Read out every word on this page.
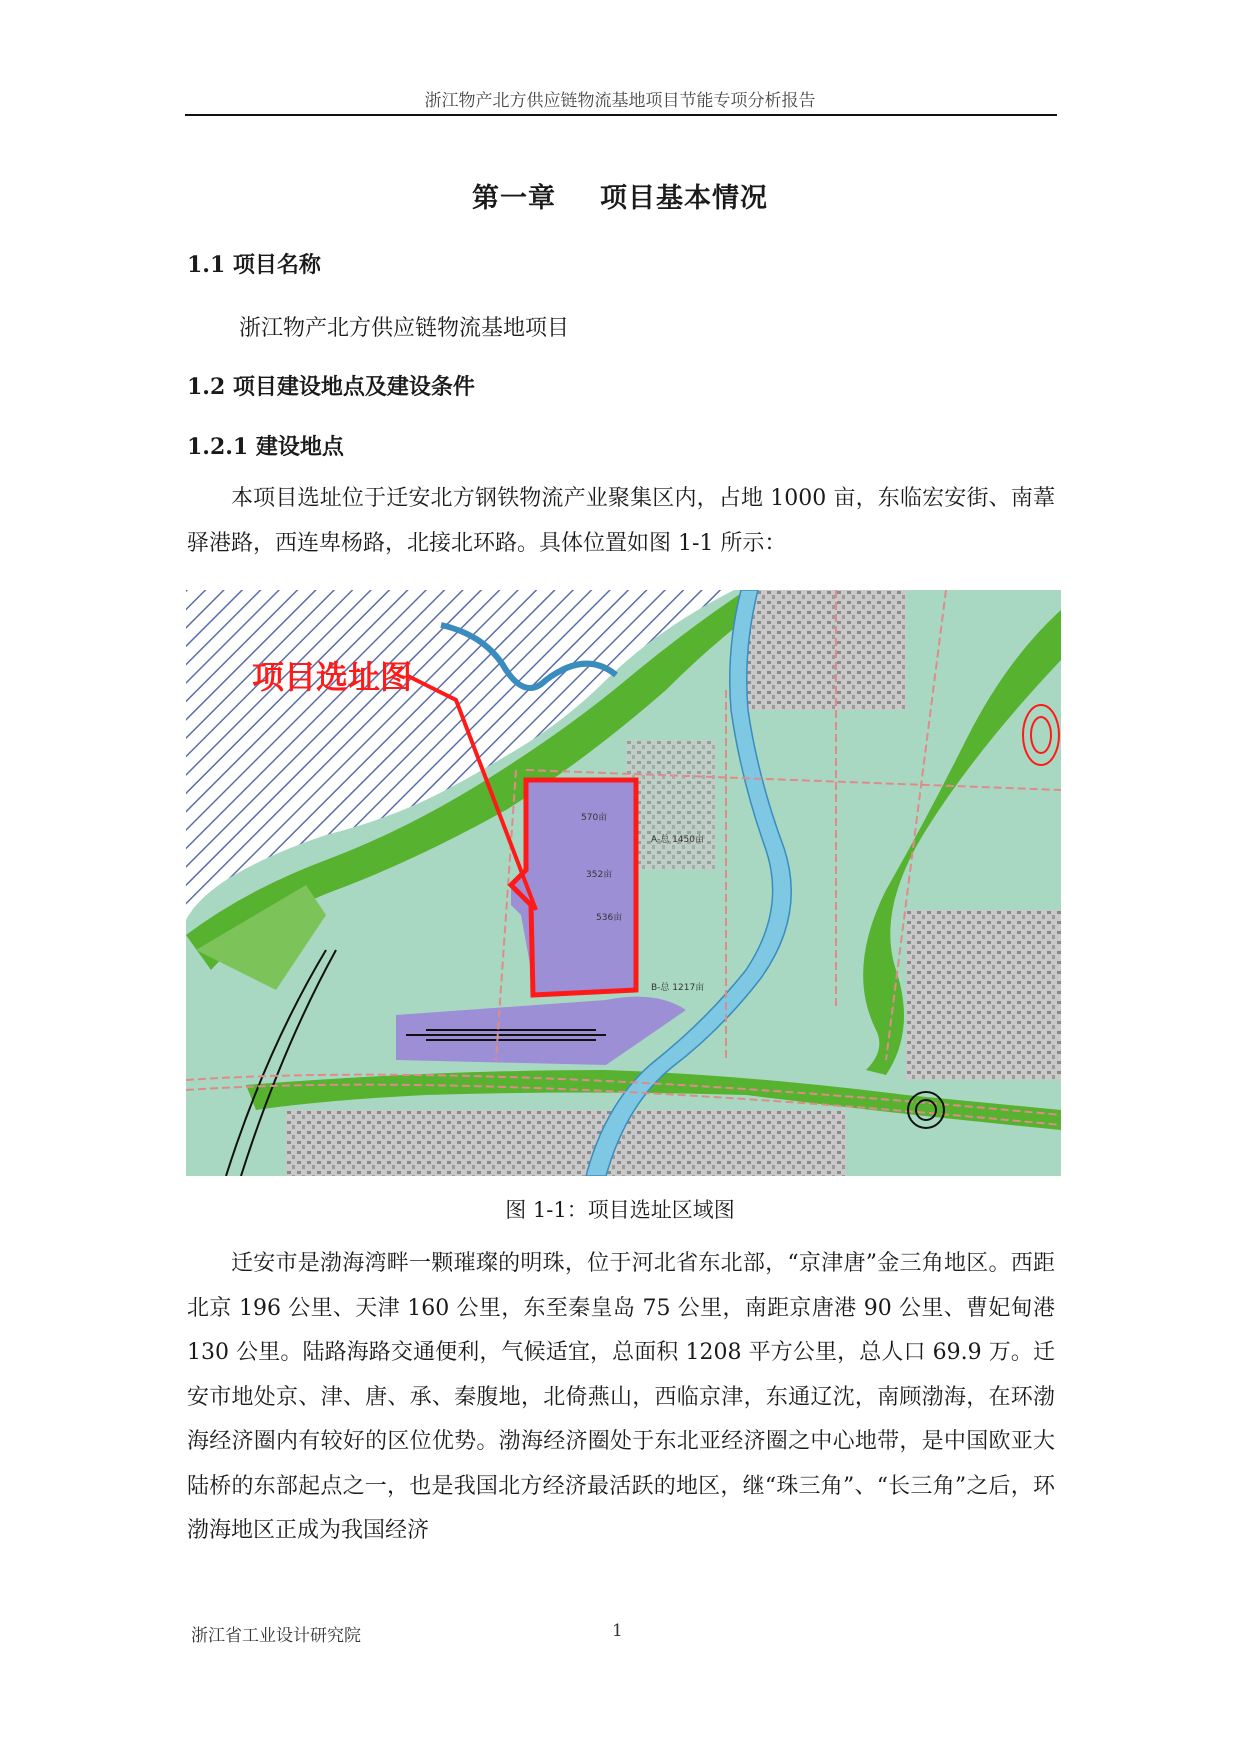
浙江物产北方供应链物流基地项目节能专项分析报告
第一章 项目基本情况
1.1 项目名称
浙江物产北方供应链物流基地项目
1.2 项目建设地点及建设条件
1.2.1 建设地点

本项目选址位于迁安北方钢铁物流产业聚集区内，占地 1000 亩，东临宏安街、南葦驿港路，西连卑杨路，北接北环路。具体位置如图 1-1 所示：

570亩
352亩
536亩
A-总 1450亩
B-总 1217亩
项目选址图
图 1-1：项目选址区域图

迁安市是渤海湾畔一颗璀璨的明珠，位于河北省东北部，“京津唐”金三角地区。西距北京 196 公里、天津 160 公里，东至秦皇岛 75 公里，南距京唐港 90 公里、曹妃甸港 130 公里。陆路海路交通便利，气候适宜，总面积 1208 平方公里，总人口 69.9 万。迁安市地处京、津、唐、承、秦腹地，北倚燕山，西临京津，东通辽沈，南顾渤海，在环渤海经济圈内有较好的区位优势。渤海经济圈处于东北亚经济圈之中心地带，是中国欧亚大陆桥的东部起点之一，也是我国北方经济最活跃的地区，继“珠三角”、“长三角”之后，环渤海地区正成为我国经济

浙江省工业设计研究院	1
